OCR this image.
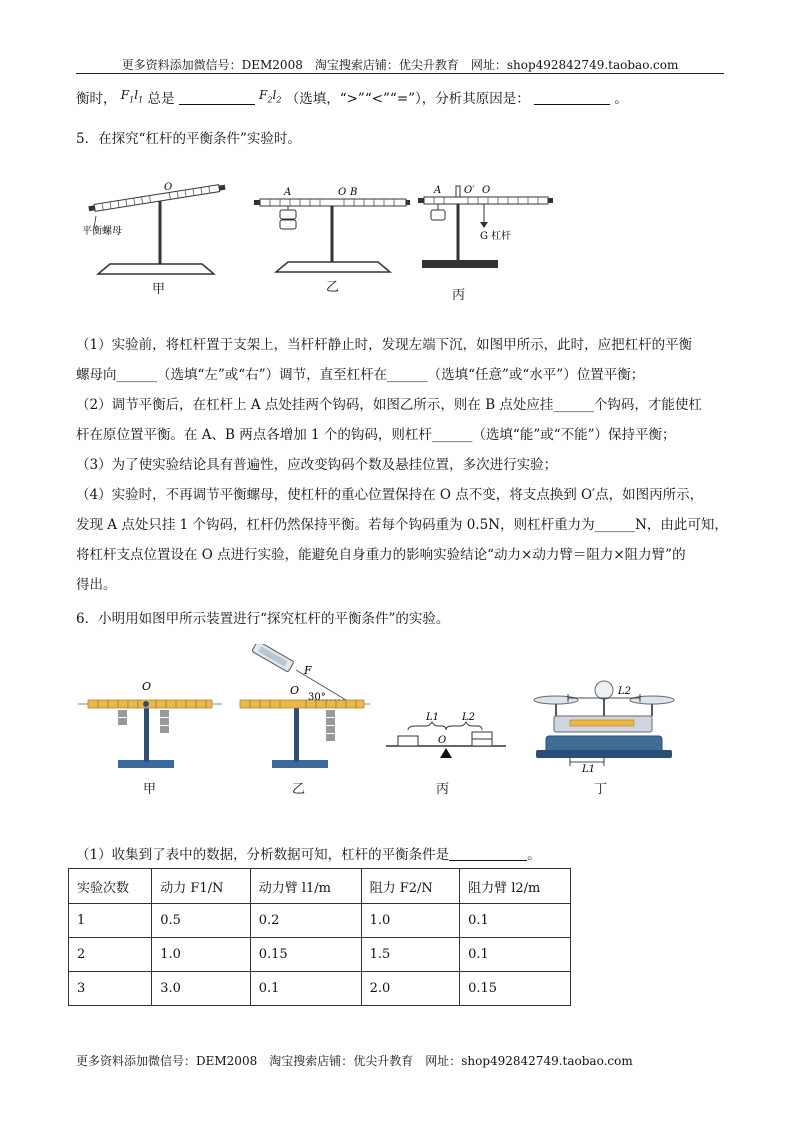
更多资料添加微信号：DEM2008　淘宝搜索店铺：优尖升教育　网址：shop492842749.taobao.com
衡时， $F_1l_1$ 总是	$F_2l_2$ （选填，“>”“<”“=”），分析其原因是：	。
5．在探究“杠杆的平衡条件”实验时。
O
平衡螺母
甲
A	O B
乙
A O′ O
G 杠杆
丙
（1）实验前，将杠杆置于支架上，当杆杆静止时，发现左端下沉，如图甲所示，此时，应把杠杆的平衡
螺母向______（选填“左”或“右”）调节，直至杠杆在______（选填“任意”或“水平”）位置平衡；
（2）调节平衡后，在杠杆上 A 点处挂两个钩码，如图乙所示，则在 B 点处应挂______个钩码，才能使杠
杆在原位置平衡。在 A、B 两点各增加 1 个的钩码，则杠杆______（选填“能”或“不能”）保持平衡；
（3）为了使实验结论具有普遍性，应改变钩码个数及悬挂位置，多次进行实验；
（4）实验时，不再调节平衡螺母，使杠杆的重心位置保持在 O 点不变，将支点换到 O′点，如图丙所示，
发现 A 点处只挂 1 个钩码，杠杆仍然保持平衡。若每个钩码重为 0.5N，则杠杆重力为______N，由此可知，
将杠杆支点位置设在 O 点进行实验，能避免自身重力的影响实验结论“动力×动力臂＝阻力×阻力臂”的
得出。
6．小明用如图甲所示装置进行“探究杠杆的平衡条件”的实验。
O
甲
F
O
30°
乙
L1 L2
O
丙
L2
L1
丁
（1）收集到了表中的数据，分析数据可知，杠杆的平衡条件是	。
实验次数	动力 F1/N	动力臂 l1/m	阻力 F2/N	阻力臂 l2/m
1	0.5	0.2	1.0	0.1
2	1.0	0.15	1.5	0.1
3	3.0	0.1	2.0	0.15
更多资料添加微信号：DEM2008　淘宝搜索店铺：优尖升教育　网址：shop492842749.taobao.com
